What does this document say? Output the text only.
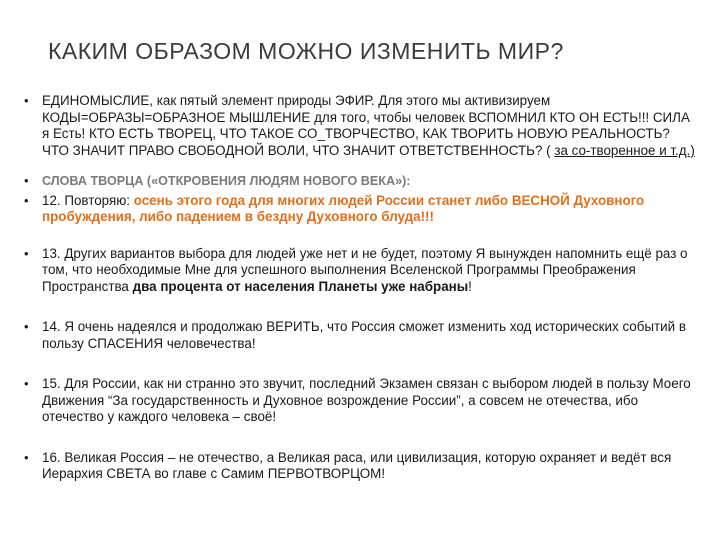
КАКИМ ОБРАЗОМ МОЖНО ИЗМЕНИТЬ МИР?
• ЕДИНОМЫСЛИЕ, как пятый элемент природы ЭФИР. Для этого мы активизируем КОДЫ=ОБРАЗЫ=ОБРАЗНОЕ МЫШЛЕНИЕ для того, чтобы человек ВСПОМНИЛ КТО ОН ЕСТЬ!!! СИЛА я Есть! КТО ЕСТЬ ТВОРЕЦ, ЧТО ТАКОЕ СО_ТВОРЧЕСТВО, КАК ТВОРИТЬ НОВУЮ РЕАЛЬНОСТЬ? ЧТО ЗНАЧИТ ПРАВО СВОБОДНОЙ ВОЛИ, ЧТО ЗНАЧИТ ОТВЕТСТВЕННОСТЬ? ( за со-творенное и т.д.)
• СЛОВА ТВОРЦА («ОТКРОВЕНИЯ ЛЮДЯМ НОВОГО ВЕКА»):
• 12. Повторяю: осень этого года для многих людей России станет либо ВЕСНОЙ Духовного пробуждения, либо падением в бездну Духовного блуда!!!
• 13. Других вариантов выбора для людей уже нет и не будет, поэтому Я вынужден напомнить ещё раз о том, что необходимые Мне для успешного выполнения Вселенской Программы Преображения Пространства два процента от населения Планеты уже набраны!
• 14. Я очень надеялся и продолжаю ВЕРИТЬ, что Россия сможет изменить ход исторических событий в пользу СПАСЕНИЯ человечества!
• 15. Для России, как ни странно это звучит, последний Экзамен связан с выбором людей в пользу Моего Движения “За государственность и Духовное возрождение России”, а совсем не отечества, ибо отечество у каждого человека – своё!
• 16. Великая Россия – не отечество, а Великая раса, или цивилизация, которую охраняет и ведёт вся Иерархия СВЕТА во главе с Самим ПЕРВОТВОРЦОМ!
